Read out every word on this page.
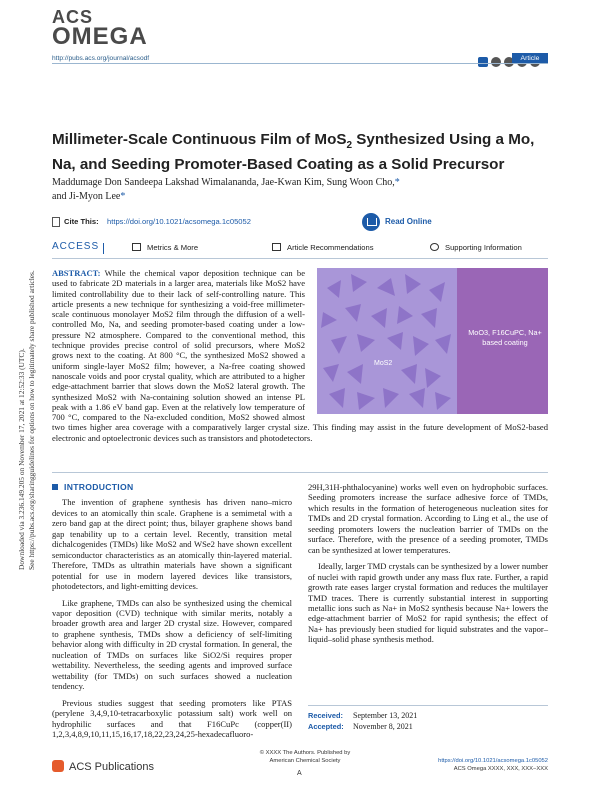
Downloaded via 3.236.149.205 on November 17, 2021 at 12:52:33 (UTC). See https://pubs.acs.org/sharingguidelines for options on how to legitimately share published articles.
ACS
OMEGA
http://pubs.acs.org/journal/acsodf	Article
Millimeter-Scale Continuous Film of MoS$_2$ Synthesized Using a Mo, Na, and Seeding Promoter-Based Coating as a Solid Precursor
Maddumage Don Sandeepa Lakshad Wimalananda, Jae-Kwan Kim, Sung Woon Cho,*
and Ji-Myon Lee*
Cite This: https://doi.org/10.1021/acsomega.1c05052	Read Online
ACCESS	Metrics & More	Article Recommendations	Supporting Information
MoS2
MoO3, F16CuPC, Na+ based coating
ABSTRACT: While the chemical vapor deposition technique can be used to fabricate 2D materials in a larger area, materials like MoS2 have limited controllability due to their lack of self-controlling nature. This article presents a new technique for synthesizing a void-free millimeter-scale continuous monolayer MoS2 film through the diffusion of a well-controlled Mo, Na, and seeding promoter-based coating under a low-pressure N2 atmosphere. Compared to the conventional method, this technique provides precise control of solid precursors, where MoS2 grows next to the coating. At 800 °C, the synthesized MoS2 showed a uniform single-layer MoS2 film; however, a Na-free coating showed nanoscale voids and poor crystal quality, which are attributed to a higher edge-attachment barrier that slows down the MoS2 lateral growth. The synthesized MoS2 with Na-containing solution showed an intense PL peak with a 1.86 eV band gap. Even at the relatively low temperature of 700 °C, compared to the Na-excluded condition, MoS2 showed almost two times higher area coverage with a comparatively larger crystal size. This finding may assist in the future development of MoS2-based electronic and optoelectronic devices such as transistors and photodetectors.
INTRODUCTION

The invention of graphene synthesis has driven nano–micro devices to an atomically thin scale. Graphene is a semimetal with a zero band gap at the direct point; thus, bilayer graphene shows band gap tenability up to a certain level. Recently, transition metal dichalcogenides (TMDs) like MoS2 and WSe2 have shown excellent semiconductor characteristics as an atomically thin-layered material. Therefore, TMDs as ultrathin materials have shown a significant potential for use in modern layered devices like transistors, photodetectors, and light-emitting devices.

Like graphene, TMDs can also be synthesized using the chemical vapor deposition (CVD) technique with similar merits, notably a broader growth area and larger 2D crystal size. However, compared to graphene synthesis, TMDs show a deficiency of self-limiting behavior along with difficulty in 2D crystal formation. In general, the nucleation of TMDs on surfaces like SiO2/Si requires proper wettability. Nevertheless, the seeding agents and improved surface wettability (for TMDs) on such surfaces showed a nucleation tendency.

Previous studies suggest that seeding promoters like PTAS (perylene 3,4,9,10-tetracarboxylic potassium salt) work well on hydrophilic surfaces and that F16CuPc (copper(II) 1,2,3,4,8,9,10,11,15,16,17,18,22,23,24,25-hexadecafluoro-

29H,31H-phthalocyanine) works well even on hydrophobic surfaces. Seeding promoters increase the surface adhesive force of TMDs, which results in the formation of heterogeneous nucleation sites for TMDs and 2D crystal formation. According to Ling et al., the use of seeding promoters lowers the nucleation barrier of TMDs on the surface. Therefore, with the presence of a seeding promoter, TMDs can be synthesized at lower temperatures.

Ideally, larger TMD crystals can be synthesized by a lower number of nuclei with rapid growth under any mass flux rate. Further, a rapid growth rate eases larger crystal formation and reduces the multilayer TMD traces. There is currently substantial interest in supporting metallic ions such as Na+ in MoS2 synthesis because Na+ lowers the edge-attachment barrier of MoS2 for rapid synthesis; the effect of Na+ has previously been studied for liquid substrates and the vapor–liquid–solid phase synthesis method.

Received: September 13, 2021
Accepted: November 8, 2021
ACS Publications
© XXXX The Authors. Published by
American Chemical Society
A
https://doi.org/10.1021/acsomega.1c05052
ACS Omega XXXX, XXX, XXX−XXX
